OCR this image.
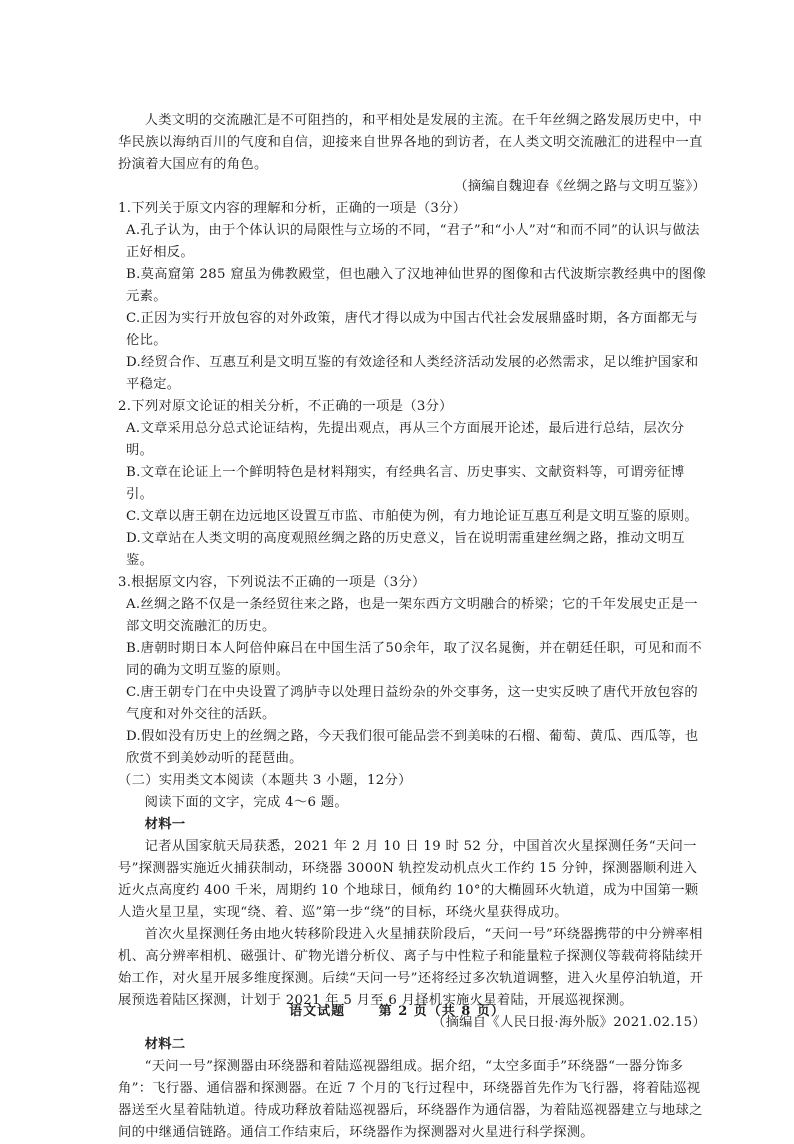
人类文明的交流融汇是不可阻挡的，和平相处是发展的主流。在千年丝绸之路发展历史中，中华民族以海纳百川的气度和自信，迎接来自世界各地的到访者，在人类文明交流融汇的进程中一直扮演着大国应有的角色。

（摘编自魏迎春《丝绸之路与文明互鉴》）

1.下列关于原文内容的理解和分析，正确的一项是（3分）

A.孔子认为，由于个体认识的局限性与立场的不同，“君子”和“小人”对“和而不同”的认识与做法正好相反。

B.莫高窟第 285 窟虽为佛教殿堂，但也融入了汉地神仙世界的图像和古代波斯宗教经典中的图像元素。

C.正因为实行开放包容的对外政策，唐代才得以成为中国古代社会发展鼎盛时期，各方面都无与伦比。

D.经贸合作、互惠互利是文明互鉴的有效途径和人类经济活动发展的必然需求，足以维护国家和平稳定。

2.下列对原文论证的相关分析，不正确的一项是（3分）

A.文章采用总分总式论证结构，先提出观点，再从三个方面展开论述，最后进行总结，层次分明。

B.文章在论证上一个鲜明特色是材料翔实，有经典名言、历史事实、文献资料等，可谓旁征博引。

C.文章以唐王朝在边远地区设置互市监、市舶使为例，有力地论证互惠互利是文明互鉴的原则。

D.文章站在人类文明的高度观照丝绸之路的历史意义，旨在说明需重建丝绸之路，推动文明互鉴。

3.根据原文内容，下列说法不正确的一项是（3分）

A.丝绸之路不仅是一条经贸往来之路，也是一架东西方文明融合的桥梁；它的千年发展史正是一部文明交流融汇的历史。

B.唐朝时期日本人阿倍仲麻吕在中国生活了50余年，取了汉名晁衡，并在朝廷任职，可见和而不同的确为文明互鉴的原则。

C.唐王朝专门在中央设置了鸿胪寺以处理日益纷杂的外交事务，这一史实反映了唐代开放包容的气度和对外交往的活跃。

D.假如没有历史上的丝绸之路，今天我们很可能品尝不到美味的石榴、葡萄、黄瓜、西瓜等，也欣赏不到美妙动听的琵琶曲。

（二）实用类文本阅读（本题共 3 小题，12分）

阅读下面的文字，完成 4～6 题。

材料一

记者从国家航天局获悉，2021 年 2 月 10 日 19 时 52 分，中国首次火星探测任务“天问一号”探测器实施近火捕获制动，环绕器 3000N 轨控发动机点火工作约 15 分钟，探测器顺利进入近火点高度约 400 千米，周期约 10 个地球日，倾角约 10°的大椭圆环火轨道，成为中国第一颗人造火星卫星，实现“绕、着、巡”第一步“绕”的目标，环绕火星获得成功。

首次火星探测任务由地火转移阶段进入火星捕获阶段后，“天问一号”环绕器携带的中分辨率相机、高分辨率相机、磁强计、矿物光谱分析仪、离子与中性粒子和能量粒子探测仪等载荷将陆续开始工作，对火星开展多维度探测。后续“天问一号”还将经过多次轨道调整，进入火星停泊轨道，开展预选着陆区探测，计划于 2021 年 5 月至 6 月择机实施火星着陆，开展巡视探测。

（摘编自《人民日报·海外版》2021.02.15）

材料二

“天问一号”探测器由环绕器和着陆巡视器组成。据介绍，“太空多面手”环绕器“一器分饰多角”：飞行器、通信器和探测器。在近 7 个月的飞行过程中，环绕器首先作为飞行器，将着陆巡视器送至火星着陆轨道。待成功释放着陆巡视器后，环绕器作为通信器，为着陆巡视器建立与地球之间的中继通信链路。通信工作结束后，环绕器作为探测器对火星进行科学探测。

语文试题	第 2 页（共 8 页）
